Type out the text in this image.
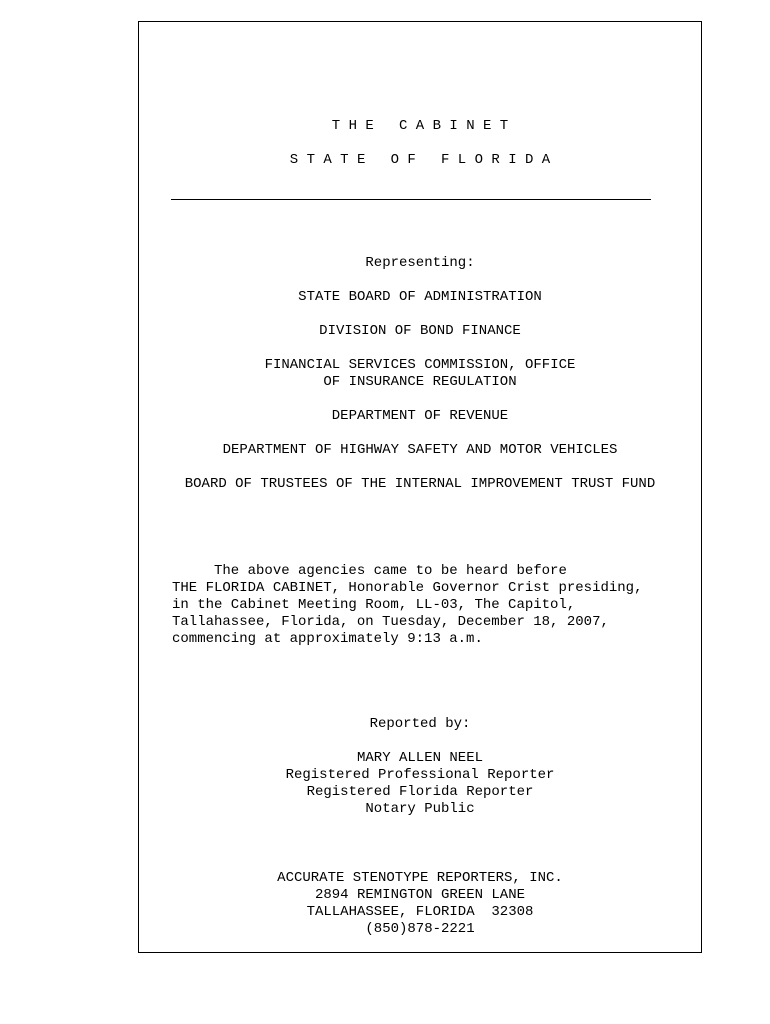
T H E   C A B I N E T
S T A T E   O F   F L O R I D A
Representing:
STATE BOARD OF ADMINISTRATION
DIVISION OF BOND FINANCE
FINANCIAL SERVICES COMMISSION, OFFICE
OF INSURANCE REGULATION
DEPARTMENT OF REVENUE
DEPARTMENT OF HIGHWAY SAFETY AND MOTOR VEHICLES
BOARD OF TRUSTEES OF THE INTERNAL IMPROVEMENT TRUST FUND
The above agencies came to be heard before
THE FLORIDA CABINET, Honorable Governor Crist presiding,
in the Cabinet Meeting Room, LL-03, The Capitol,
Tallahassee, Florida, on Tuesday, December 18, 2007,
commencing at approximately 9:13 a.m.
Reported by:
MARY ALLEN NEEL
Registered Professional Reporter
Registered Florida Reporter
Notary Public
ACCURATE STENOTYPE REPORTERS, INC.
2894 REMINGTON GREEN LANE
TALLAHASSEE, FLORIDA  32308
(850)878-2221
